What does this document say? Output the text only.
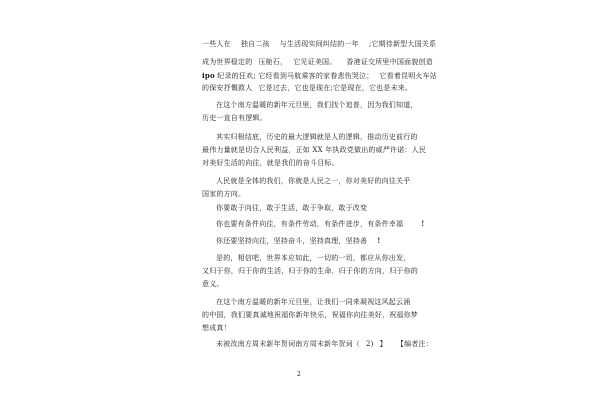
一些人在 独自二孩 与生活现实间纠结的一年 ;它期待新型大国关系
成为世界稳定的 压舱石， 它见证美国。 香港证交所里中国面貌创造
ipo 纪录的狂欢; 它经看到马航乘客的家眷悲伤哭泣； 它看着昆明火车站
的保安抒慨救人 它是过去，它也是现在;它是现在，它也是未来。
在这个南方温暖的新年元旦里，我们找个追普，因为我们知道，
历史一直自有逻辑。
其实归根结底，历史的最大逻辑就是人的逻辑，推动历史前行的
最伟力量就是切合人民利益，正如 XX 年执政党做出的威严许诺：人民
对美好生活的向往，就是我们的奋斗目标。
人民就是全体的我们，你就是人民之一，你对美好的向往关乎
国家的方向。
你要敢于向往，敢于生活，敢于争取，敢于改变
你也要有条件向往，有条件劳动，有条件进步，有条件幸福	!
你还要坚持向往，坚持奋斗，坚持真理，坚持善 !
是的，相信吧，世界本应如此，一切的一切，都应从你出发，
又归于你，归于你的生活，归于你的生命，归于你的方向，归于你的
意义。
在这个南方温暖的新年元旦里，让我们一同来凝视这风起云涌
的中国，我们要真诚地祝福你新年快乐，祝福你向往美好，祝福你梦
想成真！
未被改南方周末新年贺词南方周末新年贺词（ 2) 】 【编者注：
2
